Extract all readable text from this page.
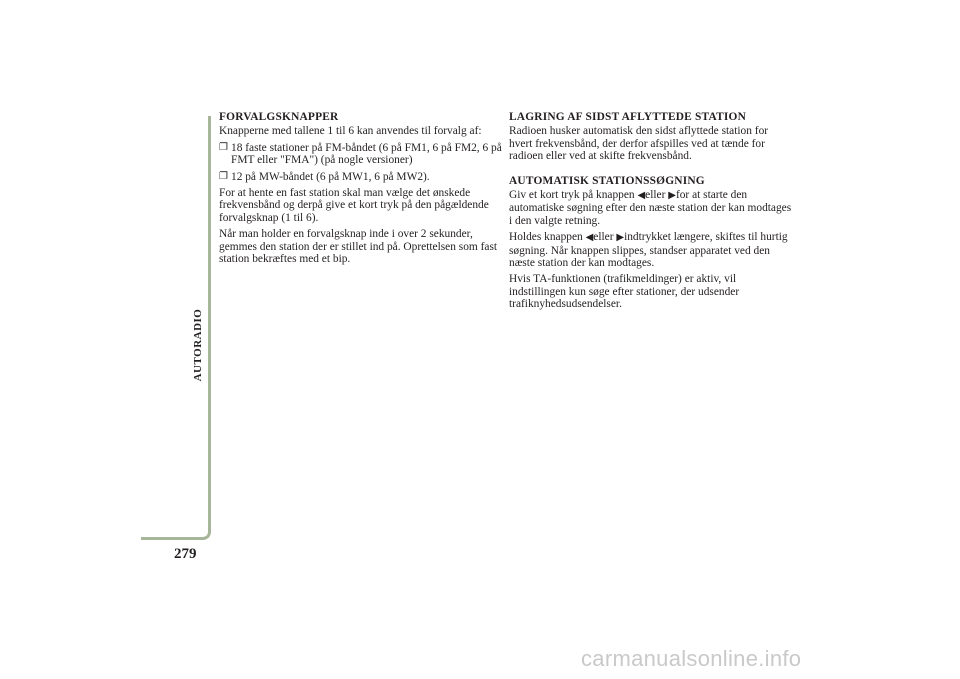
AUTORADIO
279
FORVALGSKNAPPER

Knapperne med tallene 1 til 6 kan anvendes til forvalg af:

❐ 18 faste stationer på FM-båndet (6 på FM1, 6 på FM2, 6 på FMT eller "FMA") (på nogle versioner)
❐ 12 på MW-båndet (6 på MW1, 6 på MW2).

For at hente en fast station skal man vælge det ønskede frekvensbånd og derpå give et kort tryk på den pågældende forvalgsknap (1 til 6).

Når man holder en forvalgsknap inde i over 2 sekunder, gemmes den station der er stillet ind på. Oprettelsen som fast station bekræftes med et bip.

LAGRING AF SIDST AFLYTTEDE STATION

Radioen husker automatisk den sidst aflyttede station for hvert frekvensbånd, der derfor afspilles ved at tænde for radioen eller ved at skifte frekvensbånd.

AUTOMATISK STATIONSSØGNING

Giv et kort tryk på knappen ◀eller ▶for at starte den automatiske søgning efter den næste station der kan modtages i den valgte retning.

Holdes knappen ◀eller ▶indtrykket længere, skiftes til hurtig søgning. Når knappen slippes, standser apparatet ved den næste station der kan modtages.

Hvis TA-funktionen (trafikmeldinger) er aktiv, vil indstillingen kun søge efter stationer, der udsender trafiknyhedsudsendelser.

carmanualsonline.info
